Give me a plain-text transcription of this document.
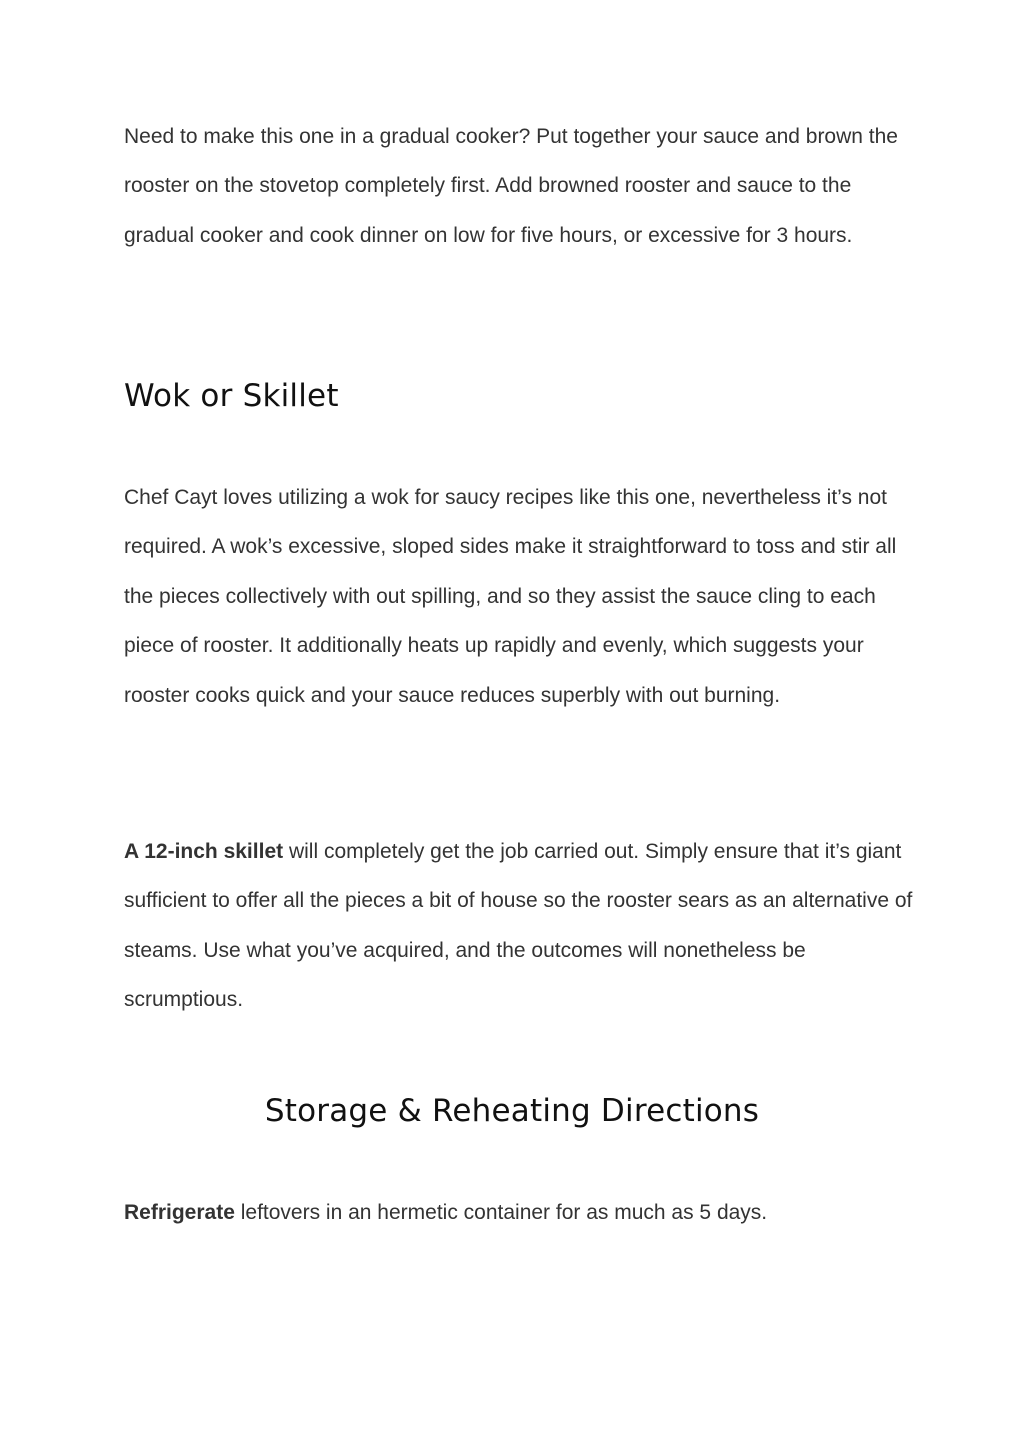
Need to make this one in a gradual cooker? Put together your sauce and brown the rooster on the stovetop completely first. Add browned rooster and sauce to the gradual cooker and cook dinner on low for five hours, or excessive for 3 hours.

Wok or Skillet

Chef Cayt loves utilizing a wok for saucy recipes like this one, nevertheless it’s not required. A wok’s excessive, sloped sides make it straightforward to toss and stir all the pieces collectively with out spilling, and so they assist the sauce cling to each piece of rooster. It additionally heats up rapidly and evenly, which suggests your rooster cooks quick and your sauce reduces superbly with out burning.

A 12-inch skillet will completely get the job carried out. Simply ensure that it’s giant sufficient to offer all the pieces a bit of house so the rooster sears as an alternative of steams. Use what you’ve acquired, and the outcomes will nonetheless be scrumptious.

Storage & Reheating Directions

Refrigerate leftovers in an hermetic container for as much as 5 days.
